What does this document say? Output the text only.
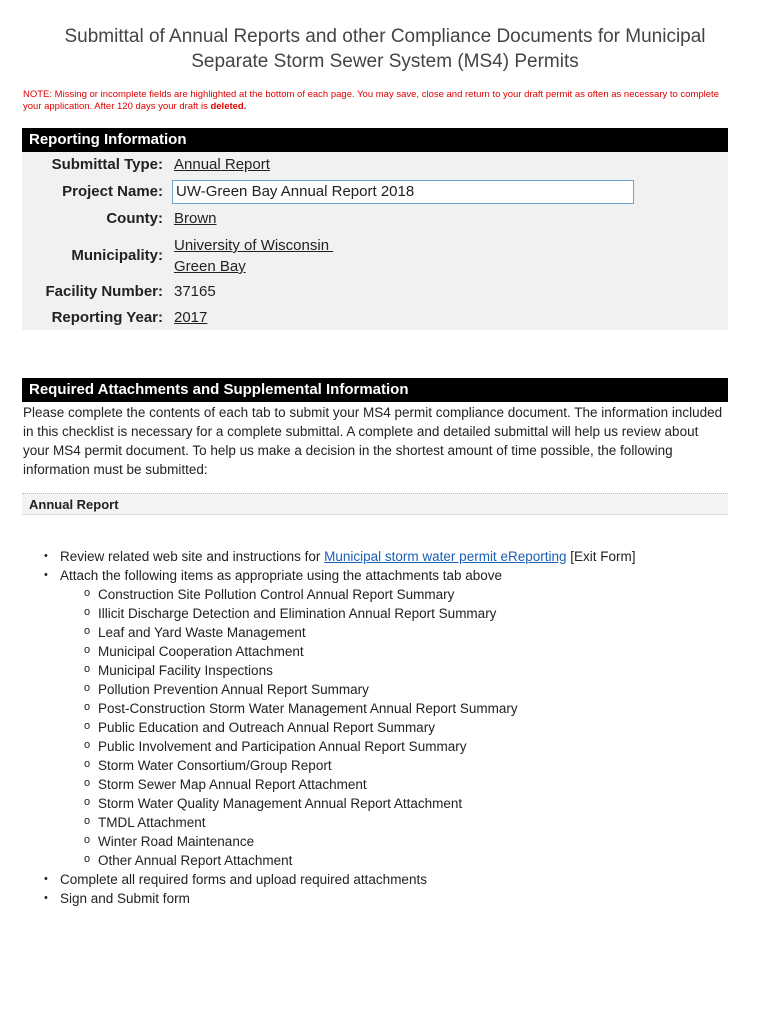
Submittal of Annual Reports and other Compliance Documents for Municipal
Separate Storm Sewer System (MS4) Permits
NOTE: Missing or incomplete fields are highlighted at the bottom of each page. You may save, close and return to your draft permit as often as necessary to complete your application. After 120 days your draft is deleted.
Reporting Information
Submittal Type: Annual Report
Project Name: UW-Green Bay Annual Report 2018
County: Brown
Municipality:
University of Wisconsin
Green Bay
Facility Number: 37165
Reporting Year: 2017
Required Attachments and Supplemental Information
Please complete the contents of each tab to submit your MS4 permit compliance document. The information included in this checklist is necessary for a complete submittal. A complete and detailed submittal will help us review about your MS4 permit document. To help us make a decision in the shortest amount of time possible, the following information must be submitted:
Annual Report
• Review related web site and instructions for Municipal storm water permit eReporting [Exit Form]
• Attach the following items as appropriate using the attachments tab above
o Construction Site Pollution Control Annual Report Summary
o Illicit Discharge Detection and Elimination Annual Report Summary
o Leaf and Yard Waste Management
o Municipal Cooperation Attachment
o Municipal Facility Inspections
o Pollution Prevention Annual Report Summary
o Post-Construction Storm Water Management Annual Report Summary
o Public Education and Outreach Annual Report Summary
o Public Involvement and Participation Annual Report Summary
o Storm Water Consortium/Group Report
o Storm Sewer Map Annual Report Attachment
o Storm Water Quality Management Annual Report Attachment
o TMDL Attachment
o Winter Road Maintenance
o Other Annual Report Attachment
• Complete all required forms and upload required attachments
• Sign and Submit form
